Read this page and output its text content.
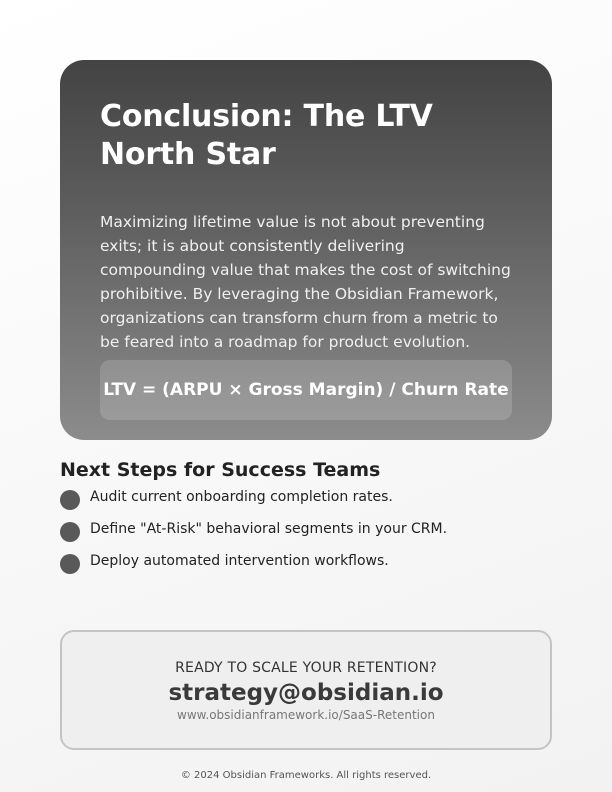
Conclusion: The LTV North Star

Maximizing lifetime value is not about preventing exits; it is about consistently delivering compounding value that makes the cost of switching prohibitive. By leveraging the Obsidian Framework, organizations can transform churn from a metric to be feared into a roadmap for product evolution.

LTV = (ARPU × Gross Margin) / Churn Rate
Next Steps for Success Teams
Audit current onboarding completion rates.
Define "At-Risk" behavioral segments in your CRM.
Deploy automated intervention workflows.
READY TO SCALE YOUR RETENTION?
strategy@obsidian.io
www.obsidianframework.io/SaaS-Retention
© 2024 Obsidian Frameworks. All rights reserved.
